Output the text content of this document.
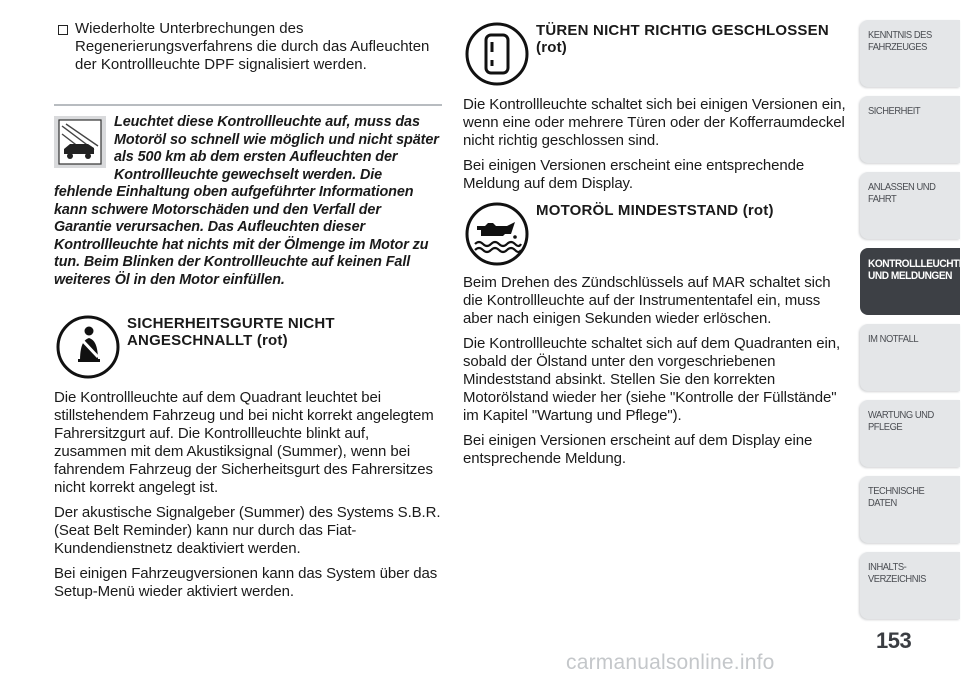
Wiederholte Unterbrechungen des Regenerierungsverfahrens die durch das Aufleuchten der Kontrollleuchte DPF signalisiert werden.
Leuchtet diese Kontrollleuchte auf, muss das Motoröl so schnell wie möglich und nicht später als 500 km ab dem ersten Aufleuchten der Kontrollleuchte gewechselt werden. Die fehlende Einhaltung oben aufgeführter Informationen kann schwere Motorschäden und den Verfall der Garantie verursachen. Das Aufleuchten dieser Kontrollleuchte hat nichts mit der Ölmenge im Motor zu tun. Beim Blinken der Kontrollleuchte auf keinen Fall weiteres Öl in den Motor einfüllen.
SICHERHEITSGURTE NICHT ANGESCHNALLT (rot)

Die Kontrollleuchte auf dem Quadrant leuchtet bei stillstehendem Fahrzeug und bei nicht korrekt angelegtem Fahrersitzgurt auf. Die Kontrollleuchte blinkt auf, zusammen mit dem Akustiksignal (Summer), wenn bei fahrendem Fahrzeug der Sicherheitsgurt des Fahrersitzes nicht korrekt angelegt ist.

Der akustische Signalgeber (Summer) des Systems S.B.R. (Seat Belt Reminder) kann nur durch das Fiat-Kundendienstnetz deaktiviert werden.

Bei einigen Fahrzeugversionen kann das System über das Setup-Menü wieder aktiviert werden.

TÜREN NICHT RICHTIG GESCHLOSSEN (rot)

Die Kontrollleuchte schaltet sich bei einigen Versionen ein, wenn eine oder mehrere Türen oder der Kofferraumdeckel nicht richtig geschlossen sind.

Bei einigen Versionen erscheint eine entsprechende Meldung auf dem Display.

MOTORÖL MINDESTSTAND (rot)

Beim Drehen des Zündschlüssels auf MAR schaltet sich die Kontrollleuchte auf der Instrumententafel ein, muss aber nach einigen Sekunden wieder erlöschen.

Die Kontrollleuchte schaltet sich auf dem Quadranten ein, sobald der Ölstand unter den vorgeschriebenen Mindeststand absinkt. Stellen Sie den korrekten Motorölstand wieder her (siehe "Kontrolle der Füllstände" im Kapitel "Wartung und Pflege").

Bei einigen Versionen erscheint auf dem Display eine entsprechende Meldung.

KENNTNIS DES
FAHRZEUGES
SICHERHEIT
ANLASSEN UND
FAHRT
KONTROLLLEUCHTEN
UND MELDUNGEN
IM NOTFALL
WARTUNG UND
PFLEGE
TECHNISCHE DATEN
INHALTS-
VERZEICHNIS
153
carmanualsonline.info
